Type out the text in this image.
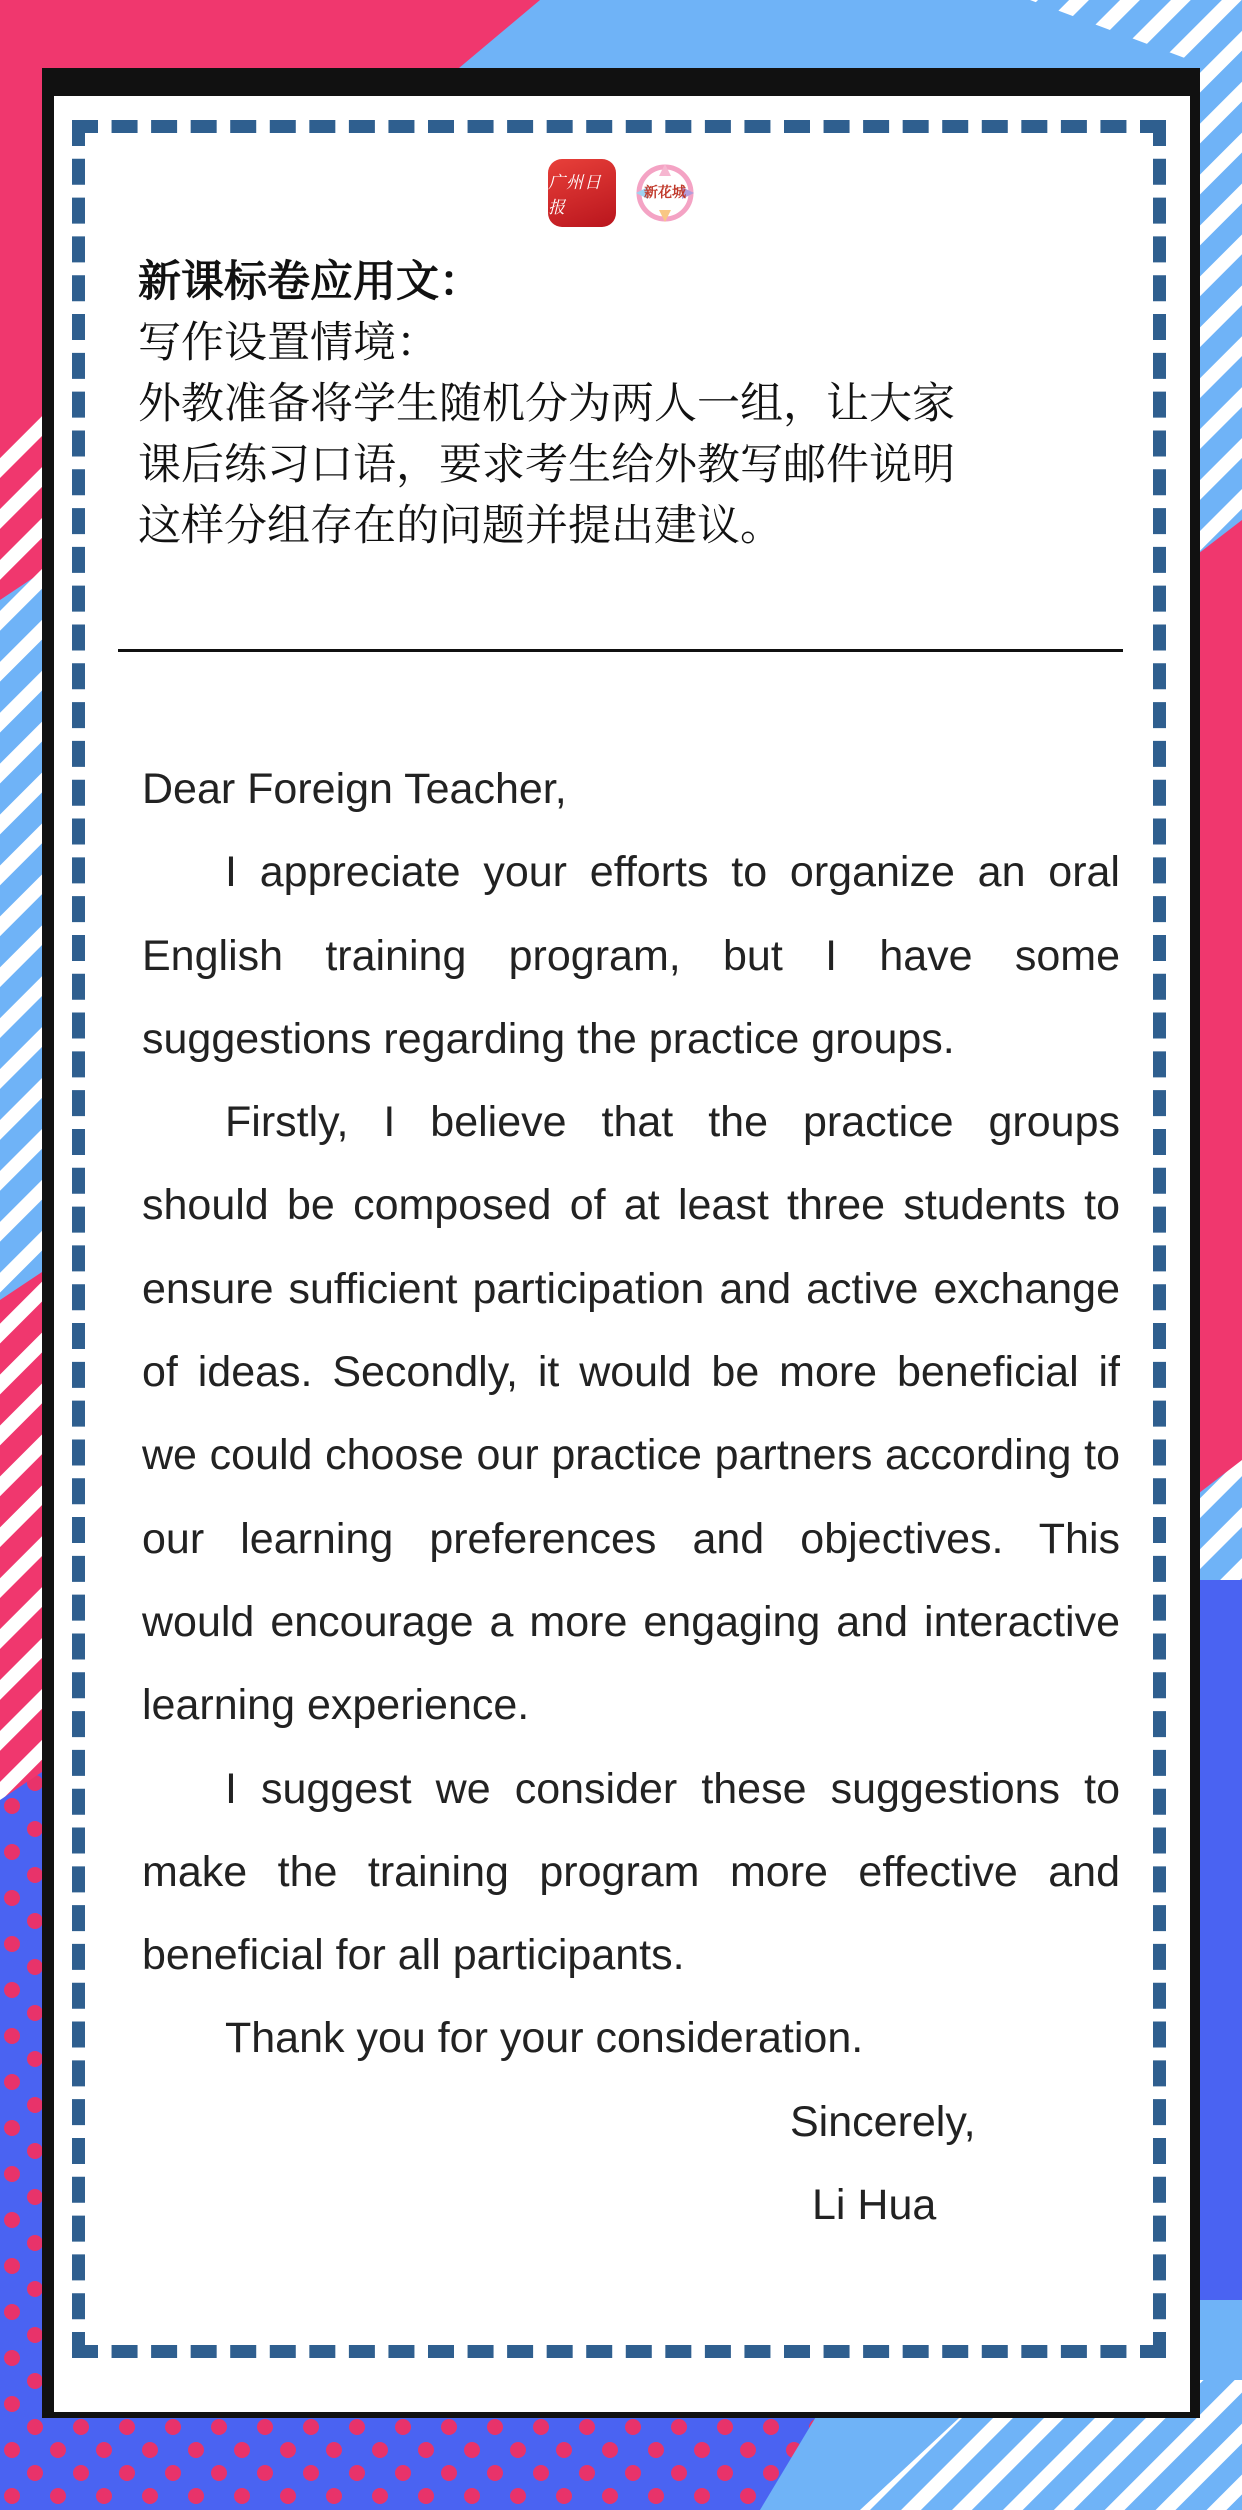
广州日报
新花城
新课标卷应用文：
写作设置情境：
外教准备将学生随机分为两人一组，让大家
课后练习口语，要求考生给外教写邮件说明
这样分组存在的问题并提出建议。

Dear Foreign Teacher,

I appreciate your efforts to organize an oral English training program, but I have some suggestions regarding the practice groups.

Firstly, I believe that the practice groups should be composed of at least three students to ensure sufficient participation and active exchange of ideas. Secondly, it would be more beneficial if we could choose our practice partners according to our learning preferences and objectives. This would encourage a more engaging and interactive learning experience.

I suggest we consider these suggestions to make the training program more effective and beneficial for all participants.

Thank you for your consideration.

Sincerely,

Li Hua
